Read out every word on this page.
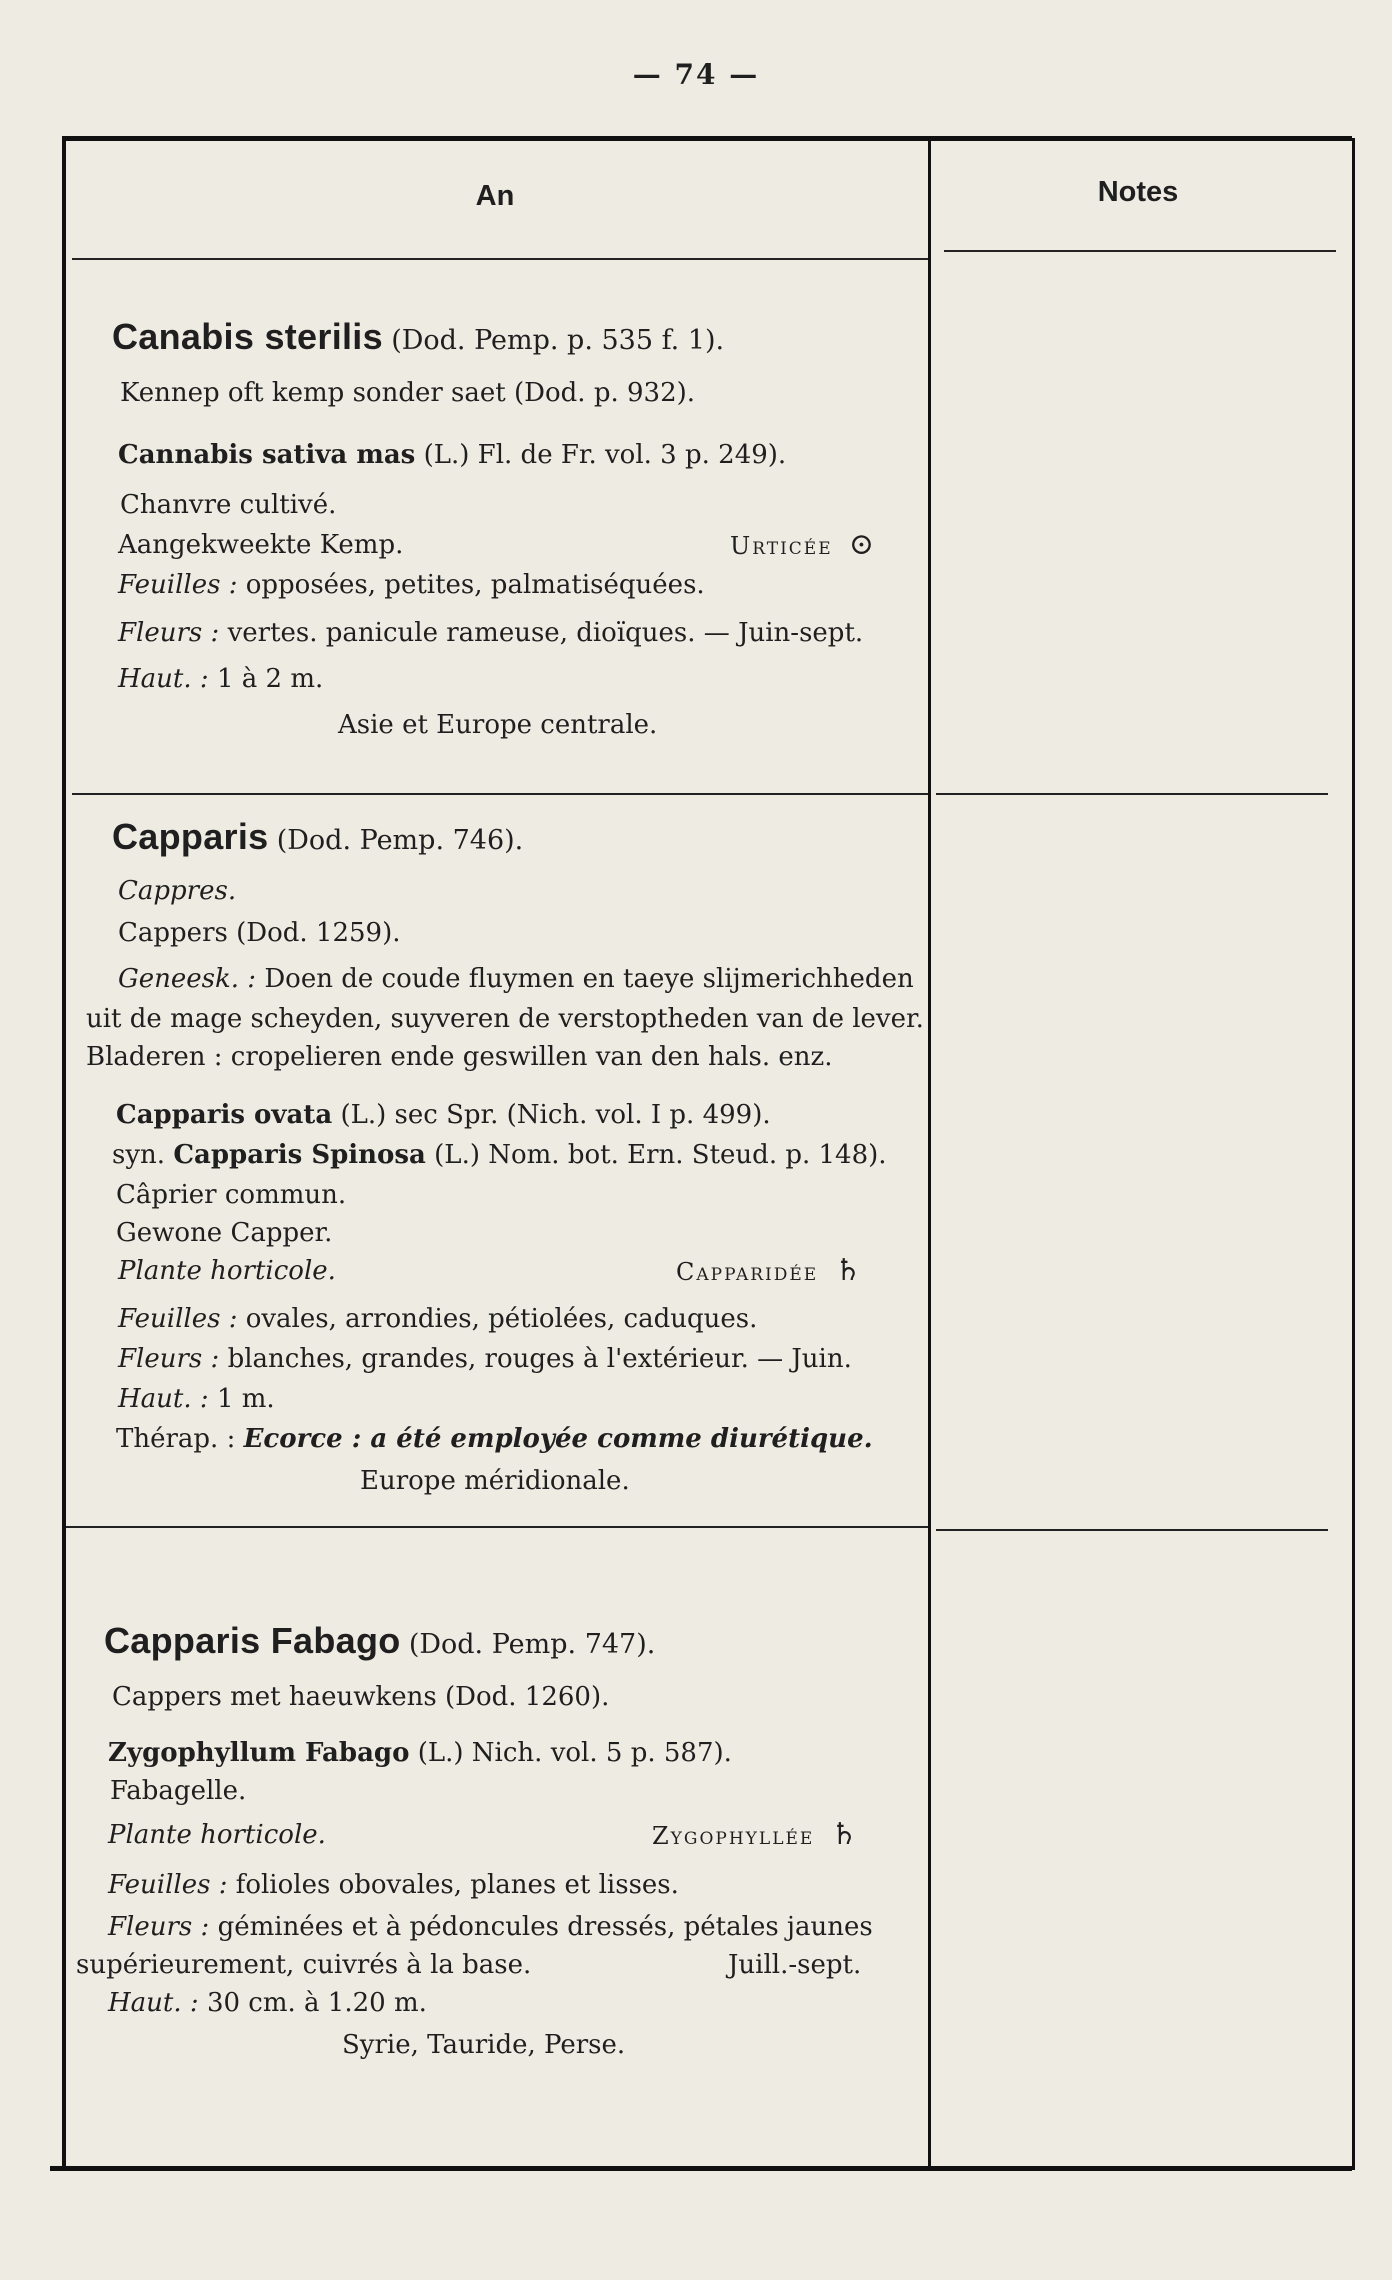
— 74 —
An	Notes
Canabis sterilis (Dod. Pemp. p. 535 f. 1).
Kennep oft kemp sonder saet (Dod. p. 932).
Cannabis sativa mas (L.) Fl. de Fr. vol. 3 p. 249).
Chanvre cultivé.
Aangekweekte Kemp.	Urticée ⊙
Feuilles : opposées, petites, palmatiséquées.
Fleurs : vertes. panicule rameuse, dioïques. — Juin-sept.
Haut. : 1 à 2 m.
Asie et Europe centrale.
Capparis (Dod. Pemp. 746).
Cappres.
Cappers (Dod. 1259).
Geneesk. : Doen de coude fluymen en taeye slijmerichheden
uit de mage scheyden, suyveren de verstoptheden van de lever.
Bladeren : cropelieren ende geswillen van den hals. enz.
Capparis ovata (L.) sec Spr. (Nich. vol. I p. 499).
syn. Capparis Spinosa (L.) Nom. bot. Ern. Steud. p. 148).
Câprier commun.
Gewone Capper.
Plante horticole.	Capparidée ♄
Feuilles : ovales, arrondies, pétiolées, caduques.
Fleurs : blanches, grandes, rouges à l'extérieur. — Juin.
Haut. : 1 m.
Thérap. : Ecorce : a été employée comme diurétique.
Europe méridionale.
Capparis Fabago (Dod. Pemp. 747).
Cappers met haeuwkens (Dod. 1260).
Zygophyllum Fabago (L.) Nich. vol. 5 p. 587).
Fabagelle.
Plante horticole.	Zygophyllée ♄
Feuilles : folioles obovales, planes et lisses.
Fleurs : géminées et à pédoncules dressés, pétales jaunes
supérieurement, cuivrés à la base.	Juill.-sept.
Haut. : 30 cm. à 1.20 m.
Syrie, Tauride, Perse.
